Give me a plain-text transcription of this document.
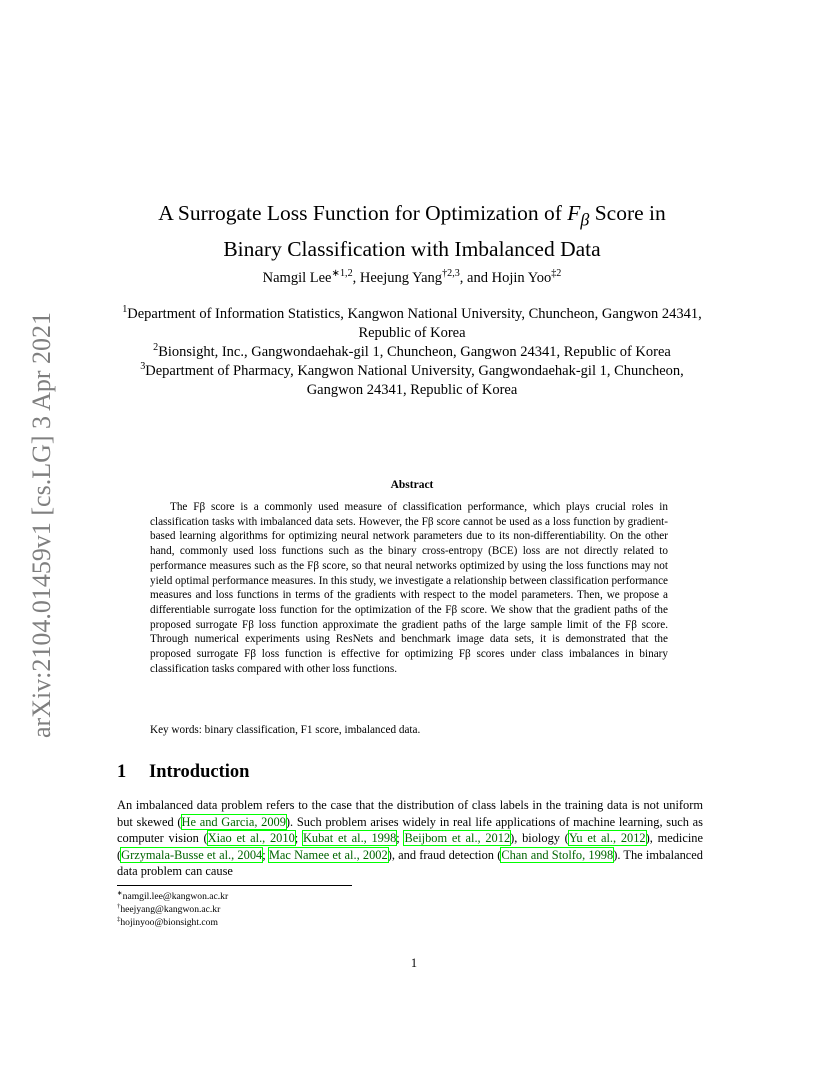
arXiv:2104.01459v1 [cs.LG] 3 Apr 2021
A Surrogate Loss Function for Optimization of $F_\beta$ Score in
Binary Classification with Imbalanced Data
Namgil Lee$^{∗1,2}$, Heejung Yang$^{\dagger 2,3}$, and Hojin Yoo$^{\ddagger 2}$
$^1$Department of Information Statistics, Kangwon National University, Chuncheon, Gangwon 24341, Republic of Korea
$^2$Bionsight, Inc., Gangwondaehak-gil 1, Chuncheon, Gangwon 24341, Republic of Korea
$^3$Department of Pharmacy, Kangwon National University, Gangwondaehak-gil 1, Chuncheon, Gangwon 24341, Republic of Korea
Abstract
The Fβ score is a commonly used measure of classification performance, which plays crucial roles in classification tasks with imbalanced data sets. However, the Fβ score cannot be used as a loss function by gradient-based learning algorithms for optimizing neural network parameters due to its non-differentiability. On the other hand, commonly used loss functions such as the binary cross-entropy (BCE) loss are not directly related to performance measures such as the Fβ score, so that neural networks optimized by using the loss functions may not yield optimal performance measures. In this study, we investigate a relationship between classification performance measures and loss functions in terms of the gradients with respect to the model parameters. Then, we propose a differentiable surrogate loss function for the optimization of the Fβ score. We show that the gradient paths of the proposed surrogate Fβ loss function approximate the gradient paths of the large sample limit of the Fβ score. Through numerical experiments using ResNets and benchmark image data sets, it is demonstrated that the proposed surrogate Fβ loss function is effective for optimizing Fβ scores under class imbalances in binary classification tasks compared with other loss functions.
Key words: binary classification, F1 score, imbalanced data.
1 Introduction
An imbalanced data problem refers to the case that the distribution of class labels in the training data is not uniform but skewed (He and Garcia, 2009). Such problem arises widely in real life applications of machine learning, such as computer vision (Xiao et al., 2010; Kubat et al., 1998; Beijbom et al., 2012), biology (Yu et al., 2012), medicine (Grzymala-Busse et al., 2004; Mac Namee et al., 2002), and fraud detection (Chan and Stolfo, 1998). The imbalanced data problem can cause
∗namgil.lee@kangwon.ac.kr
†heejyang@kangwon.ac.kr
‡hojinyoo@bionsight.com
1
